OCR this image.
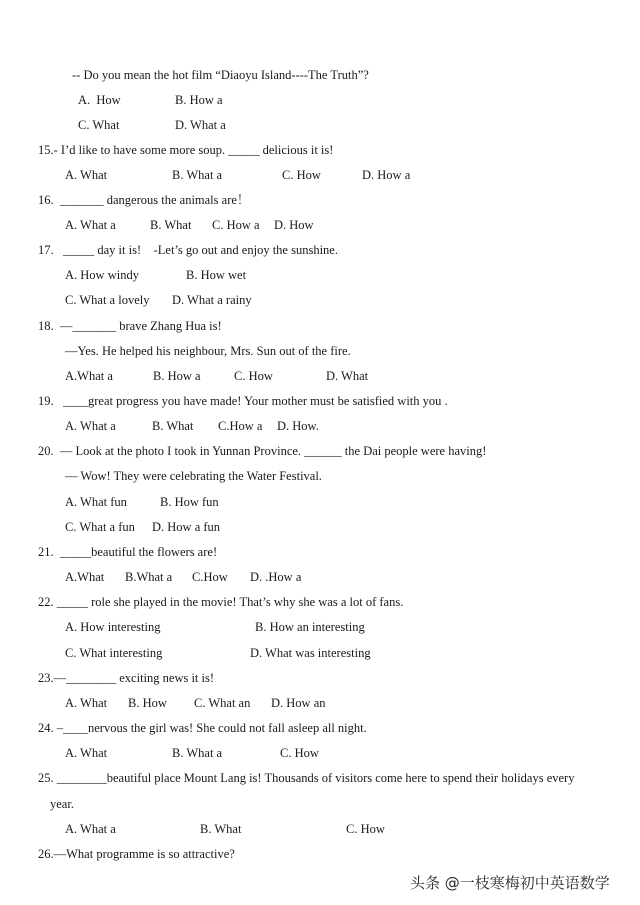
-- Do you mean the hot film “Diaoyu Island----The Truth”?
A.  How	B. How a
C. What	D. What a
15.- I’d like to have some more soup. _____ delicious it is!
A. What	B. What a	C. How	D. How a
16.  _______ dangerous the animals are！
A. What a	B. What C. How a D. How
17.   _____ day it is!    -Let’s go out and enjoy the sunshine.
A. How windy	B. How wet
C. What a lovely D. What a rainy
18.  —_______ brave Zhang Hua is!
—Yes. He helped his neighbour, Mrs. Sun out of the fire.
A.What a	B. How a	C. How	D. What
19.   ____great progress you have made! Your mother must be satisfied with you .
A. What a	B. What C.How a D. How.
20.  — Look at the photo I took in Yunnan Province. ______ the Dai people were having!
— Wow! They were celebrating the Water Festival.
A. What fun	B. How fun
C. What a fun D. How a fun
21.  _____beautiful the flowers are!
A.What B.What a C.How D. .How a
22. _____ role she played in the movie! That’s why she was a lot of fans.
A. How interesting	B. How an interesting
C. What interesting	D. What was interesting
23.—________ exciting news it is!
A. What B. How C. What an D. How an
24. –____nervous the girl was! She could not fall asleep all night.
A. What	B. What a	C. How
25. ________beautiful place Mount Lang is! Thousands of visitors come here to spend their holidays every
year.
A. What a	B. What	C. How
26.—What programme is so attractive?
头条 @一枝寒梅初中英语数学
